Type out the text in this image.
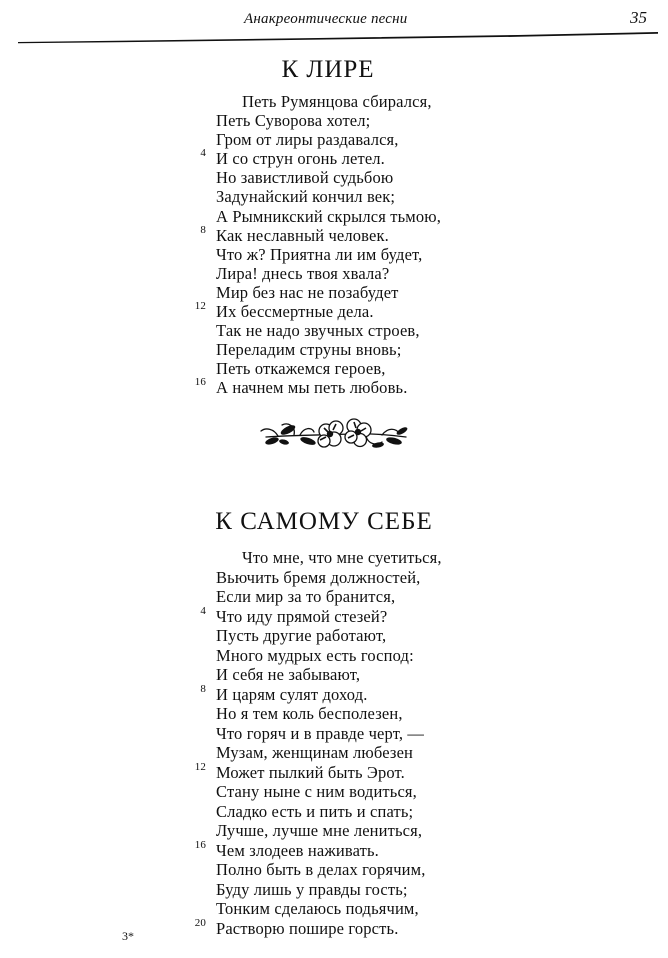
Анакреонтические песни	35
К ЛИРЕ
Петь Румянцова сбирался,
Петь Суворова хотел;
Гром от лиры раздавался,
4 И со струн огонь летел.
Но завистливой судьбою
Задунайский кончил век;
А Рымникский скрылся тьмою,
8 Как неславный человек.
Что ж? Приятна ли им будет,
Лира! днесь твоя хвала?
Мир без нас не позабудет
12 Их бессмертные дела.
Так не надо звучных строев,
Переладим струны вновь;
Петь откажемся героев,
16 А начнем мы петь любовь.
К САМОМУ СЕБЕ
Что мне, что мне суетиться,
Вьючить бремя должностей,
Если мир за то бранится,
4 Что иду прямой стезей?
Пусть другие работают,
Много мудрых есть господ:
И себя не забывают,
8 И царям сулят доход.
Но я тем коль бесполезен,
Что горяч и в правде черт, —
Музам, женщинам любезен
12 Может пылкий быть Эрот.
Стану ныне с ним водиться,
Сладко есть и пить и спать;
Лучше, лучше мне лениться,
16 Чем злодеев наживать.
Полно быть в делах горячим,
Буду лишь у правды гость;
Тонким сделаюсь подьячим,
20 Растворю пошире горсть.
3*
